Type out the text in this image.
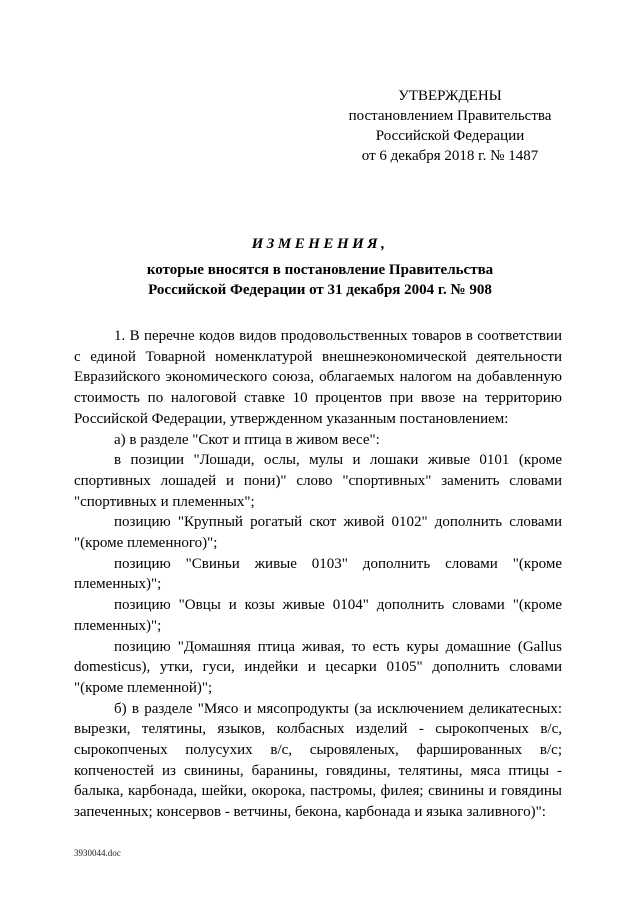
УТВЕРЖДЕНЫ
постановлением Правительства
Российской Федерации
от 6 декабря 2018 г. № 1487
ИЗМЕНЕНИЯ,
которые вносятся в постановление Правительства
Российской Федерации от 31 декабря 2004 г. № 908
1. В перечне кодов видов продовольственных товаров в соответствии
с единой Товарной номенклатурой внешнеэкономической деятельности
Евразийского экономического союза, облагаемых налогом на добавленную
стоимость по налоговой ставке 10 процентов при ввозе на территорию
Российской Федерации, утвержденном указанным постановлением:
а) в разделе "Скот и птица в живом весе":
в позиции "Лошади, ослы, мулы и лошаки живые 0101 (кроме
спортивных лошадей и пони)" слово "спортивных" заменить словами
"спортивных и племенных";
позицию "Крупный рогатый скот живой 0102" дополнить словами
"(кроме племенного)";
позицию "Свиньи живые 0103" дополнить словами "(кроме
племенных)";
позицию "Овцы и козы живые 0104" дополнить словами "(кроме
племенных)";
позицию "Домашняя птица живая, то есть куры домашние (Gallus
domesticus), утки, гуси, индейки и цесарки 0105" дополнить словами
"(кроме племенной)";
б) в разделе "Мясо и мясопродукты (за исключением деликатесных:
вырезки, телятины, языков, колбасных изделий - сырокопченых в/с,
сырокопченых полусухих в/с, сыровяленых, фаршированных в/с;
копченостей из свинины, баранины, говядины, телятины, мяса птицы -
балыка, карбонада, шейки, окорока, пастромы, филея; свинины и говядины
запеченных; консервов - ветчины, бекона, карбонада и языка заливного)":
3930044.doc
